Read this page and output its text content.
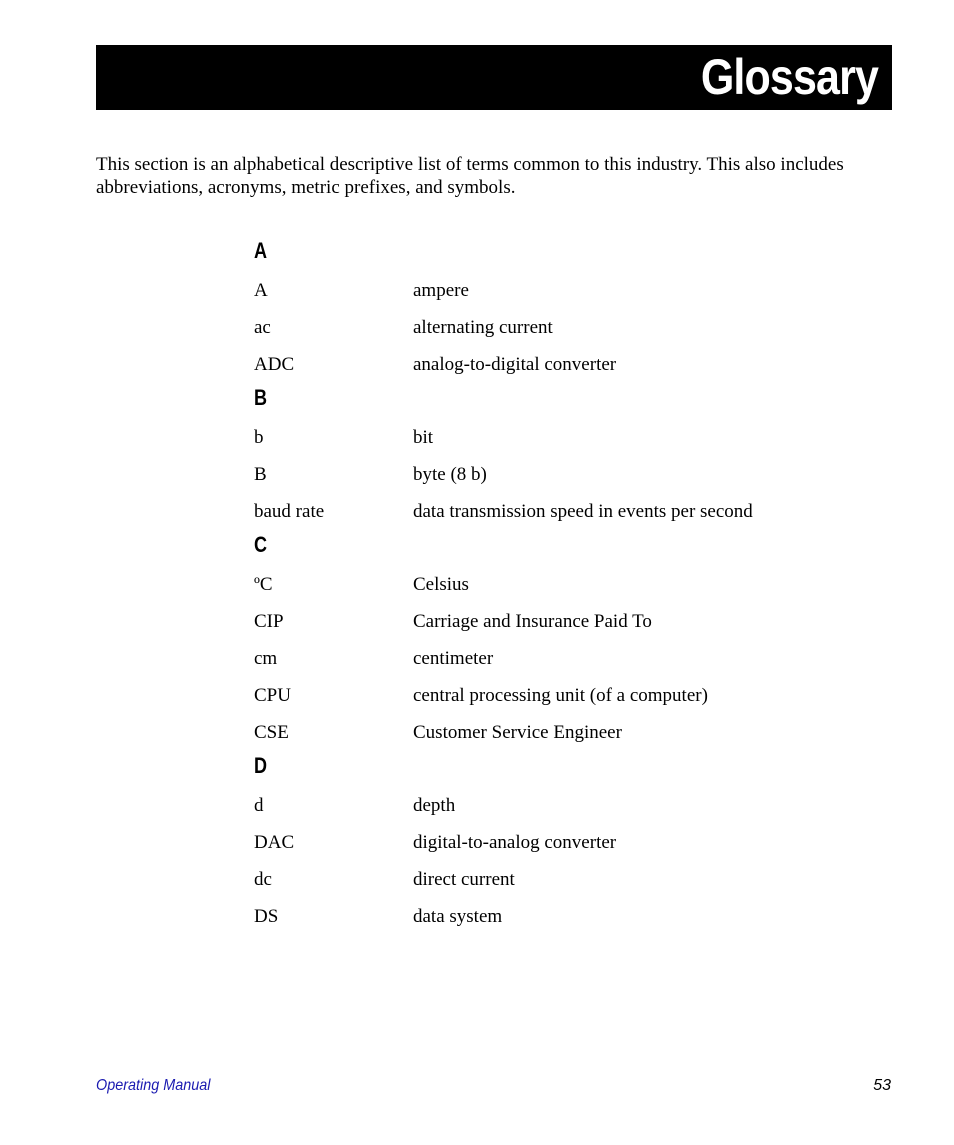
Glossary

This section is an alphabetical descriptive list of terms common to this industry. This also includes abbreviations, acronyms, metric prefixes, and symbols.

A
A	ampere
ac	alternating current
ADC	analog-to-digital converter
B
b	bit
B	byte (8 b)
baud rate	data transmission speed in events per second
C
ºC	Celsius
CIP	Carriage and Insurance Paid To
cm	centimeter
CPU	central processing unit (of a computer)
CSE	Customer Service Engineer
D
d	depth
DAC	digital-to-analog converter
dc	direct current
DS	data system
Operating Manual	53
